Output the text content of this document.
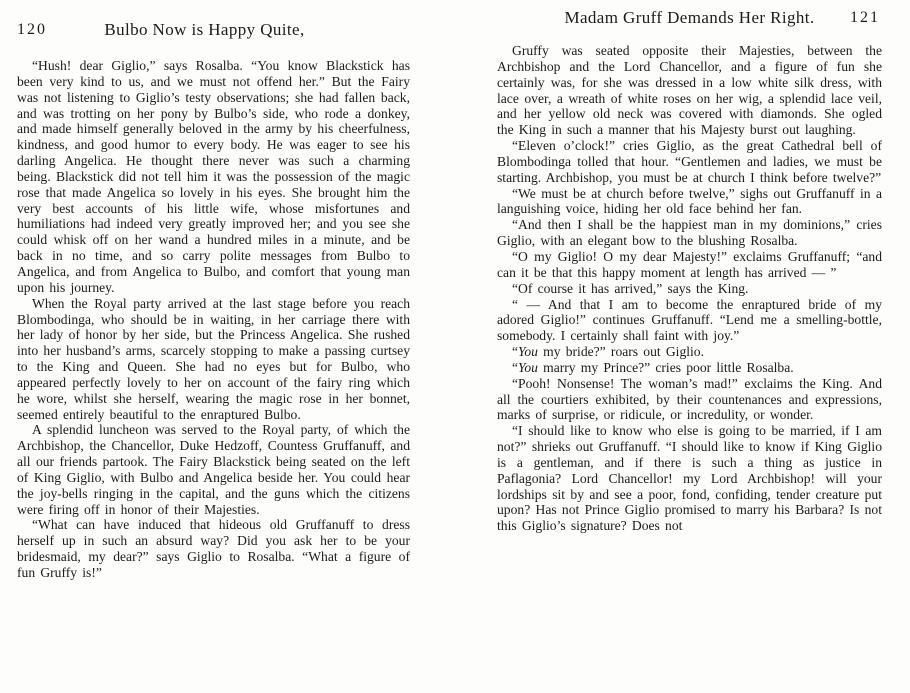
120	Bulbo Now is Happy Quite,

“Hush! dear Giglio,” says Rosalba. “You know Blackstick has been very kind to us, and we must not offend her.” But the Fairy was not listening to Giglio’s testy observations; she had fallen back, and was trotting on her pony by Bulbo’s side, who rode a donkey, and made himself generally beloved in the army by his cheerfulness, kindness, and good humor to every body. He was eager to see his darling Angelica. He thought there never was such a charming being. Blackstick did not tell him it was the possession of the magic rose that made Angelica so lovely in his eyes. She brought him the very best accounts of his little wife, whose misfortunes and humiliations had indeed very greatly improved her; and you see she could whisk off on her wand a hundred miles in a minute, and be back in no time, and so carry polite messages from Bulbo to Angelica, and from Angelica to Bulbo, and comfort that young man upon his journey.

When the Royal party arrived at the last stage before you reach Blombodinga, who should be in waiting, in her carriage there with her lady of honor by her side, but the Princess Angelica. She rushed into her husband’s arms, scarcely stopping to make a passing curtsey to the King and Queen. She had no eyes but for Bulbo, who appeared perfectly lovely to her on account of the fairy ring which he wore, whilst she herself, wearing the magic rose in her bonnet, seemed entirely beautiful to the enraptured Bulbo.

A splendid luncheon was served to the Royal party, of which the Archbishop, the Chancellor, Duke Hedzoff, Countess Gruffanuff, and all our friends partook. The Fairy Blackstick being seated on the left of King Giglio, with Bulbo and Angelica beside her. You could hear the joy-bells ringing in the capital, and the guns which the citizens were firing off in honor of their Majesties.

“What can have induced that hideous old Gruffanuff to dress herself up in such an absurd way? Did you ask her to be your bridesmaid, my dear?” says Giglio to Rosalba. “What a figure of fun Gruffy is!”

Madam Gruff Demands Her Right.	121

Gruffy was seated opposite their Majesties, between the Archbishop and the Lord Chancellor, and a figure of fun she certainly was, for she was dressed in a low white silk dress, with lace over, a wreath of white roses on her wig, a splendid lace veil, and her yellow old neck was covered with diamonds. She ogled the King in such a manner that his Majesty burst out laughing.

“Eleven o’clock!” cries Giglio, as the great Cathedral bell of Blombodinga tolled that hour. “Gentlemen and ladies, we must be starting. Archbishop, you must be at church I think before twelve?”

“We must be at church before twelve,” sighs out Gruffanuff in a languishing voice, hiding her old face behind her fan.

“And then I shall be the happiest man in my dominions,” cries Giglio, with an elegant bow to the blushing Rosalba.

“O my Giglio! O my dear Majesty!” exclaims Gruffanuff; “and can it be that this happy moment at length has arrived — ”

“Of course it has arrived,” says the King.

“ — And that I am to become the enraptured bride of my adored Giglio!” continues Gruffanuff. “Lend me a smelling-bottle, somebody. I certainly shall faint with joy.”

“You my bride?” roars out Giglio.

“You marry my Prince?” cries poor little Rosalba.

“Pooh! Nonsense! The woman’s mad!” exclaims the King. And all the courtiers exhibited, by their countenances and expressions, marks of surprise, or ridicule, or incredulity, or wonder.

“I should like to know who else is going to be married, if I am not?” shrieks out Gruffanuff. “I should like to know if King Giglio is a gentleman, and if there is such a thing as justice in Paflagonia? Lord Chancellor! my Lord Archbishop! will your lordships sit by and see a poor, fond, confiding, tender creature put upon? Has not Prince Giglio promised to marry his Barbara? Is not this Giglio’s signature? Does not
